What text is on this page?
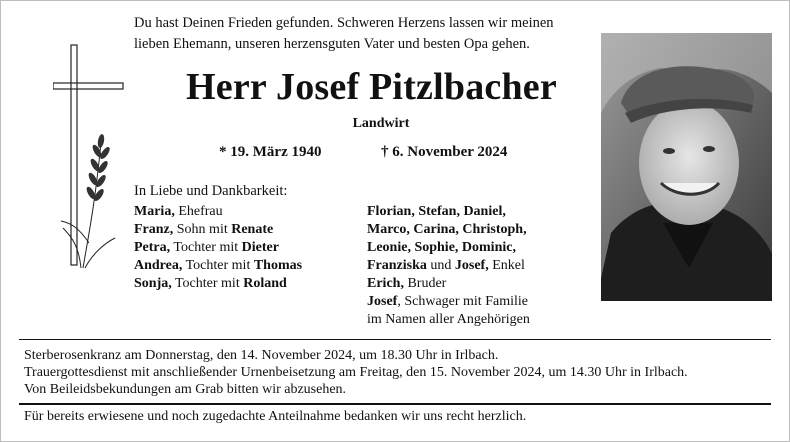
Du hast Deinen Frieden gefunden. Schweren Herzens lassen wir meinen
lieben Ehemann, unseren herzensguten Vater und besten Opa gehen.
Herr Josef Pitzlbacher
Landwirt
* 19. März 1940	† 6. November 2024
In Liebe und Dankbarkeit:
Maria, Ehefrau
Franz, Sohn mit Renate
Petra, Tochter mit Dieter
Andrea, Tochter mit Thomas
Sonja, Tochter mit Roland
Florian, Stefan, Daniel,
Marco, Carina, Christoph,
Leonie, Sophie, Dominic,
Franziska und Josef, Enkel
Erich, Bruder
Josef, Schwager mit Familie
im Namen aller Angehörigen
Sterberosenkranz am Donnerstag, den 14. November 2024, um 18.30 Uhr in Irlbach.
Trauergottesdienst mit anschließender Urnenbeisetzung am Freitag, den 15. November 2024, um 14.30 Uhr in Irlbach.
Von Beileidsbekundungen am Grab bitten wir abzusehen.
Für bereits erwiesene und noch zugedachte Anteilnahme bedanken wir uns recht herzlich.
